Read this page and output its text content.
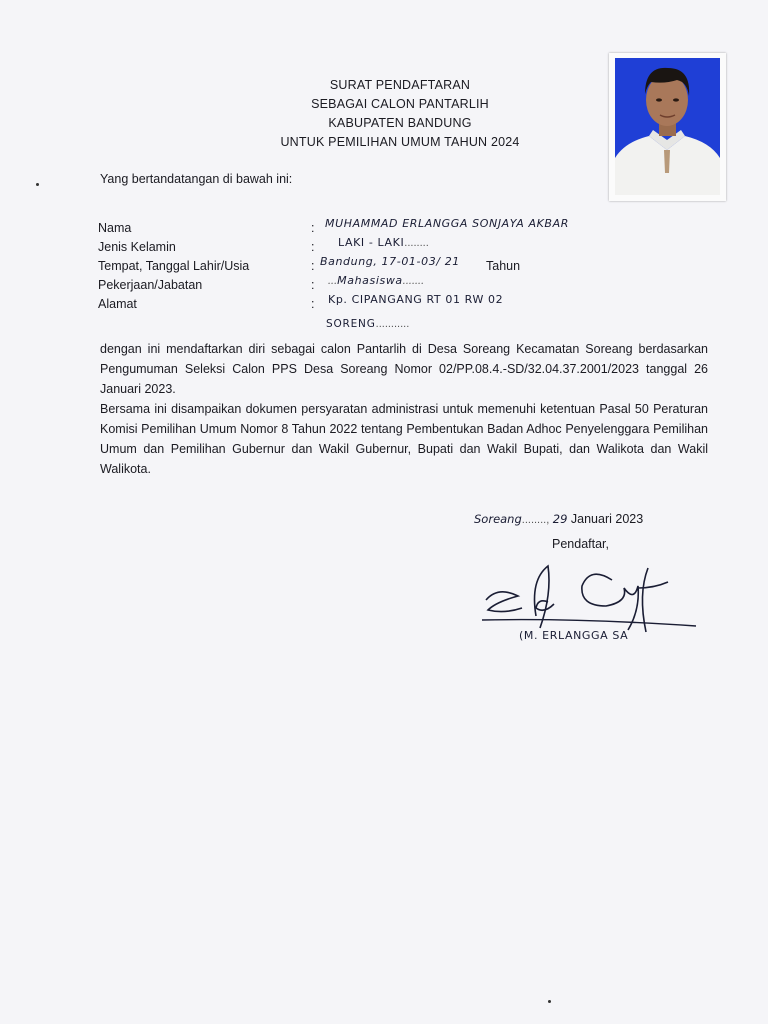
SURAT PENDAFTARAN
SEBAGAI CALON PANTARLIH
KABUPATEN BANDUNG
UNTUK PEMILIHAN UMUM TAHUN 2024
Yang bertandatangan di bawah ini:
Nama	: MUHAMMAD ERLANGGA SONJAYA AKBAR
Jenis Kelamin	: LAKI - LAKI........
Tempat, Tanggal Lahir/Usia	: Bandung, 17-01-03/ 21 Tahun
Pekerjaan/Jabatan	: ...Mahasiswa.......
Alamat	: Kp. CIPANGANG RT 01 RW 02
SORENG...........

dengan ini mendaftarkan diri sebagai calon Pantarlih di Desa Soreang Kecamatan Soreang berdasarkan Pengumuman Seleksi Calon PPS Desa Soreang Nomor 02/PP.08.4.-SD/32.04.37.2001/2023 tanggal 26 Januari 2023.

Bersama ini disampaikan dokumen persyaratan administrasi untuk memenuhi ketentuan Pasal 50 Peraturan Komisi Pemilihan Umum Nomor 8 Tahun 2022 tentang Pembentukan Badan Adhoc Penyelenggara Pemilihan Umum dan Pemilihan Gubernur dan Wakil Gubernur, Bupati dan Wakil Bupati, dan Walikota dan Wakil Walikota.

Soreang........, 29 Januari 2023
Pendaftar,
(M. ERLANGGA SA
